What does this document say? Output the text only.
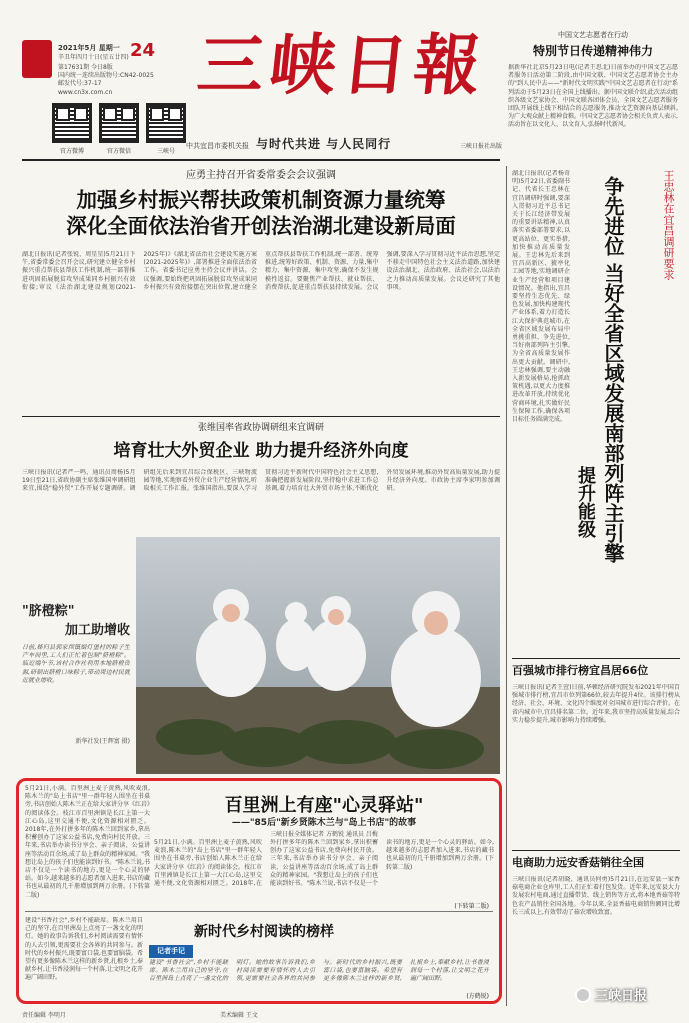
2021年5月 星期一
辛丑年四月十日(星五廿四) 24
第17631期 今日8版
国内统一连续出版物号:CN42-0025
邮发代号:37-17
www.cn3x.com.cn
官方微博	官方微信	三峡号
三
峡
日
報
中共宜昌市委机关报 与时代共进 与人民同行	三峡日报社出版
中国文艺志愿者在行动
特別节日传递精神伟力
据新华社北京5月23日电(记者王思北)日前举办的中国文艺志愿者服务日活动第二阶段,由中国文联、中国文艺志愿者协会主办的"到人民中去——"新时代文明实践"中国文艺志愿者在行动"系列活动于5月23日在全国上线播出。据中国文联介绍,此次活动组织各级文艺家协会、中国文联各团体会员、全国文艺志愿者服务团队开展线上线下相结合的志愿服务,推动文艺资源向基层倾斜,为广大观众献上精神食粮。中国文艺志愿者协会相关负责人表示,活动旨在以文化人、以文育人,弘扬时代新风。
应勇主持召开省委常委会会议强调
加强乡村振兴帮扶政策机制资源力量统筹
深化全面依法治省开创法治湖北建设新局面
湖北日报讯(记者张锐、周星星)5月21日下午,省委常委会召开会议,研究建立健全乡村振兴重点帮扶县帮扶工作机制,统一部署推进巩固拓展脱贫攻坚成果同乡村振兴有效衔接;审议《法治湖北建设规划(2021-2025年)》《湖北省法治社会建设实施方案(2021-2025年)》,部署推进全面依法治省工作。省委书记应勇主持会议并讲话。会议强调,要始终把巩固拓展脱贫攻坚成果同乡村振兴有效衔接摆在突出位置,建立健全重点帮扶县帮扶工作机制,统一部署、统筹推进,统筹好政策、机制、资源、力量,集中精力、集中资源、集中攻坚,确保不发生规模性返贫。要聚焦产业帮扶、就业帮扶、消费帮扶,促进重点帮扶县持续发展。会议强调,要深入学习贯彻习近平法治思想,坚定不移走中国特色社会主义法治道路,加快建设法治湖北、法治政府、法治社会,以法治之力推动高质量发展。会议还研究了其他事项。
张维国率省政协调研组来宜调研
培育壮大外贸企业 助力提升经济外向度
三峡日报讯(记者严一鸣、通讯员周杨)5月19日至21日,省政协副主席张维国率调研组来宜,围绕"稳外贸"工作开展专题调研。调研组先后来到宜昌综合保税区、三峡物流园等地,实地察看外贸企业生产经营情况,听取相关工作汇报。张维国指出,要深入学习贯彻习近平新时代中国特色社会主义思想,准确把握新发展阶段,坚持稳中求进工作总基调,着力培育壮大外贸市场主体,不断优化外贸发展环境,推动外贸高质量发展,助力提升经济外向度。市政协主席李家明参加调研。
"脐橙粽"
加工助增收
日前,秭归县郭家坝镇烟灯堡村的粽子生产车间里,工人们正忙着包制"脐橙粽"。临近端午节,该村合作社利用本地脐橙资源,研制出脐橙口味粽子,带动周边村民就近就业增收。
新华社发(王辉富 摄)
5月21日,小满。百里洲上麦子黄熟,风吹麦浪,陈木兰的"岛上书店"里一群年轻人围坐在书桌旁,书店创始人陈木兰正在给大家讲分享《红岩》的阅读体会。枝江市百里洲镇是长江上第一大江心岛,这里交通不便,文化资源相对匮乏。2018年,在外打拼多年的陈木兰回到家乡,拿出积蓄创办了这家公益书店,免费向村民开放。三年来,书店举办读书分享会、亲子阅读、公益讲座等活动百余场,成了岛上群众的精神家园。"我想让岛上的孩子们也能读到好书。"陈木兰说,书店不仅是一个读书的地方,更是一个心灵的驿站。如今,越来越多的志愿者加入进来,书店的藏书也从最初的几千册增加到两万余册。(下转第二版)
百里洲上有座"心灵驿站"
——"85后"新乡贤陈木兰与"岛上书店"的故事
三峡日报全媒体记者 方鹤锐 通讯员 吕梅
5月21日,小满。百里洲上麦子黄熟,风吹麦浪,陈木兰的"岛上书店"里一群年轻人围坐在书桌旁,书店创始人陈木兰正在给大家讲分享《红岩》的阅读体会。枝江市百里洲镇是长江上第一大江心岛,这里交通不便,文化资源相对匮乏。2018年,在外打拼多年的陈木兰回到家乡,拿出积蓄创办了这家公益书店,免费向村民开放。三年来,书店举办读书分享会、亲子阅读、公益讲座等活动百余场,成了岛上群众的精神家园。"我想让岛上的孩子们也能读到好书。"陈木兰说,书店不仅是一个读书的地方,更是一个心灵的驿站。如今,越来越多的志愿者加入进来,书店的藏书也从最初的几千册增加到两万余册。(下转第二版)
(下转第二版)
新时代乡村阅读的榜样
记者手记
建设"书香社会",乡村不能缺席。陈木兰用自己的坚守,在百里洲岛上点亮了一盏文化的明灯。她的故事告诉我们,乡村阅读需要有情怀的人去引领,更需要社会各界的共同参与。新时代的乡村振兴,既要富口袋,也要富脑袋。希望有更多像陈木兰这样的新乡贤,扎根乡土,奉献乡村,让书香浸润每一个村落,让文明之花开遍广阔田野。
(方鹤锐)
建设"书香社会",乡村不能缺席。陈木兰用自己的坚守,在百里洲岛上点亮了一盏文化的明灯。她的故事告诉我们,乡村阅读需要有情怀的人去引领,更需要社会各界的共同参与。新时代的乡村振兴,既要富口袋,也要富脑袋。希望有更多像陈木兰这样的新乡贤,扎根乡土,奉献乡村,让书香浸润每一个村落,让文明之花开遍广阔田野。
湖北日报讯(记者杨奇明)5月22日,省委副书记、代省长王忠林在宜昌调研时强调,要深入贯彻习近平总书记关于长江经济带发展的重要讲话精神,认真落实省委部署要求,以更高站位、更实举措,加快推动高质量发展。王忠林先后来到宜昌高新区、猇亭化工园等地,实地调研企业生产经营和项目建设情况。他指出,宜昌要坚持生态优先、绿色发展,加快构建现代产业体系,着力打造长江大保护典范城市,在全省区域发展布局中勇挑重担、争先进位,当好南部列阵主引擎,为全省高质量发展作出更大贡献。调研中,王忠林强调,要主动融入新发展格局,抢抓政策机遇,以更大力度推进改革开放,持续优化营商环境,扎实做好民生保障工作,确保各项目标任务圆满完成。
王忠林在宜昌调研要求
争先进位 当好全省区域发展南部列阵主引擎
提升能级
百强城市排行榜宜昌居66位
三峡日报讯(记者王萱)日前,华顿经济研究院发布2021年中国百强城市排行榜,宜昌市位列第66位,较去年提升4位。该排行榜从经济、社会、环境、文化四个维度对全国城市进行综合评价。在省内城市中,宜昌排名第二位。近年来,我市坚持高质量发展,综合实力稳步提升,城市影响力持续增强。
电商助力远安香菇销往全国
三峡日报讯(记者胡晓、通讯员何勇)5月21日,在远安县一家香菇电商企业仓库里,工人们正忙着打包发货。近年来,远安县大力发展农村电商,通过直播带货、线上销售等方式,将本地香菇等特色农产品销往全国各地。今年以来,全县香菇电商销售额同比增长三成以上,有效带动了菇农增收致富。
责任编辑 李明月	美术编辑 王文
三峡日报
